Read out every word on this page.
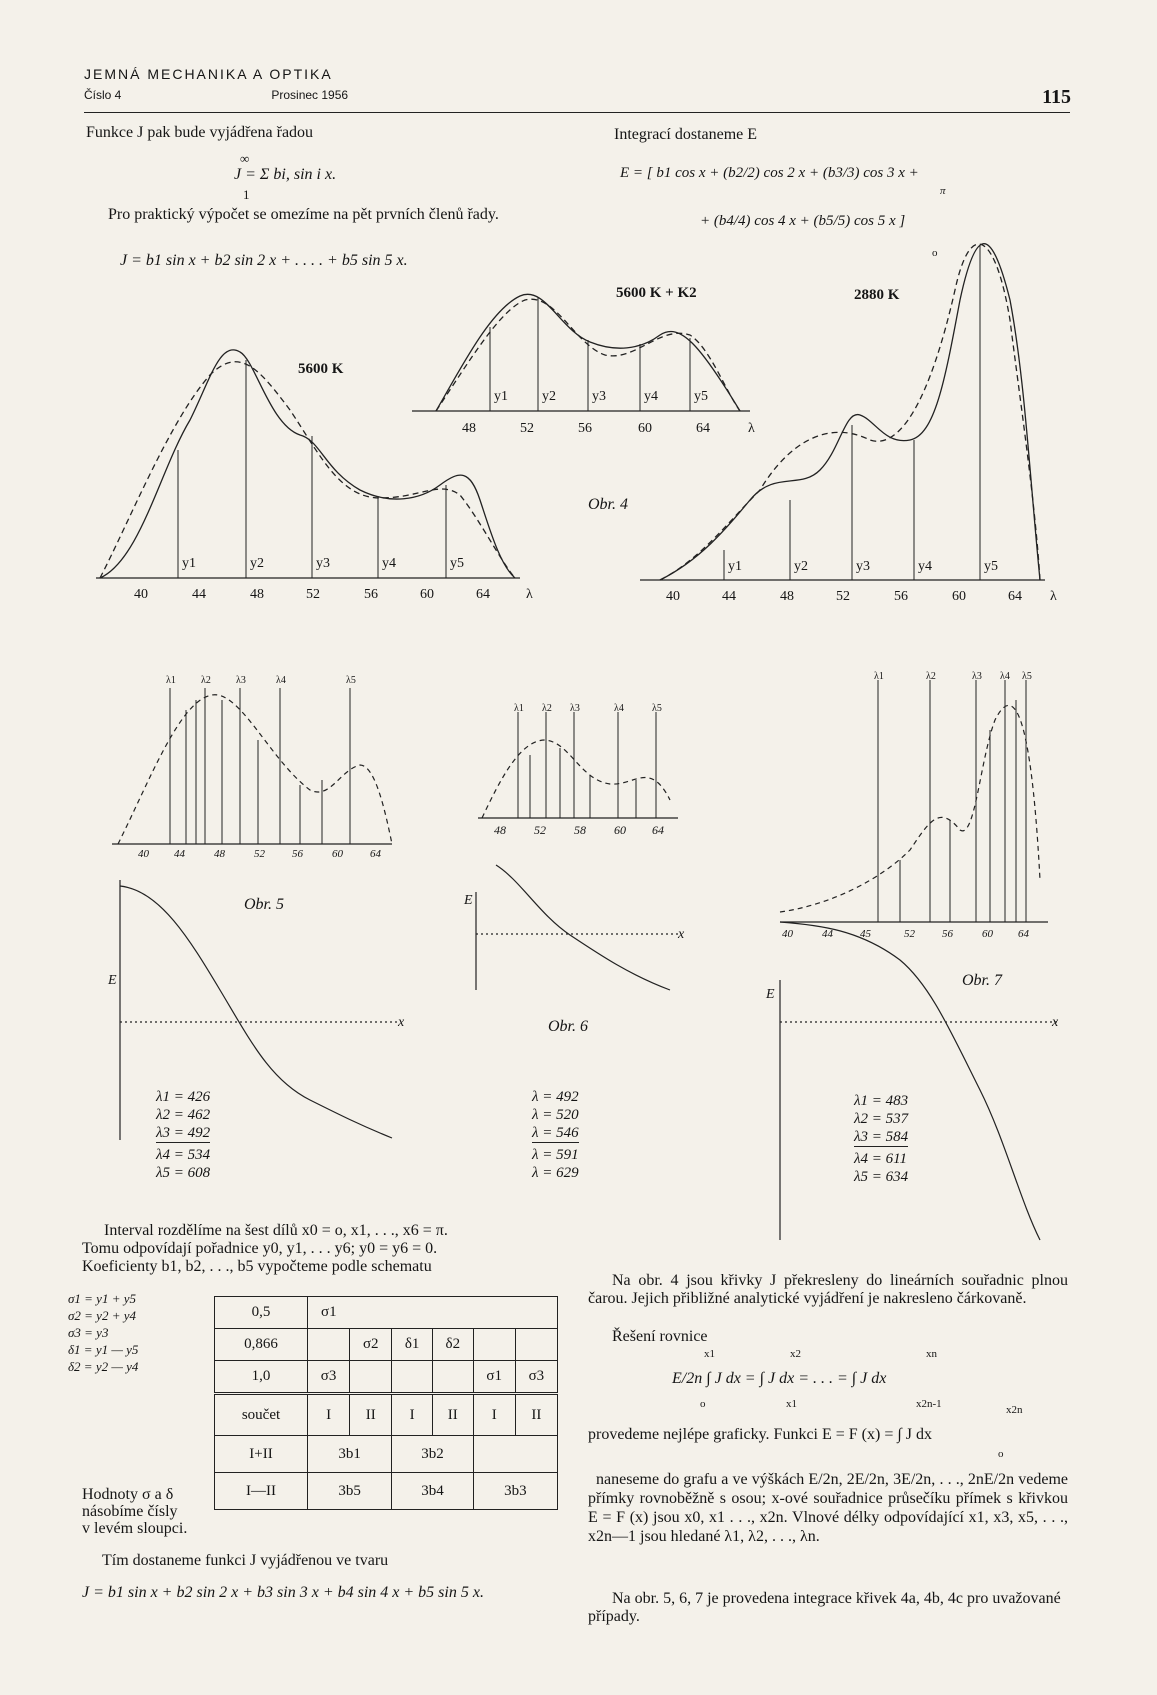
JEMNÁ MECHANIKA A OPTIKA
Číslo 4	Prosinec 1956	115
Funkce J pak bude vyjádřena řadou
∞
J = Σ bi, sin i x.
1
Pro praktický výpočet se omezíme na pět prvních členů řady.
J = b1 sin x + b2 sin 2 x + . . . . + b5 sin 5 x.
Integrací dostaneme E
E = [ b1 cos x + (b2/2) cos 2 x + (b3/3) cos 3 x +
+ (b4/4) cos 4 x + (b5/5) cos 5 x ]
π
o
5600 K
5600 K + K2	2880 K
Obr. 4
y1	y2	y3	y4	y5
40	44	48	52	56	60	64	λ
y1 y2	y3	y4	y5
48	52	56	60	64	λ
y1	y2	y3	y4	y5
40	44	48	52	56	60	64 λ
λ1	λ2	λ3	λ4	λ5
40 44	48	52 56	60 64
Obr. 5
E
x
λ1 = 426
λ2 = 462
λ3 = 492
λ4 = 534
λ5 = 608
λ1 λ2 λ3	λ4	λ5
48 52 58 60 64
E
x
Obr. 6
λ = 492
λ = 520
λ = 546
λ = 591
λ = 629
λ1	λ2	λ3 λ4 λ5
40	44 45	52 56	60 64
Obr. 7
E
x
λ1 = 483
λ2 = 537
λ3 = 584
λ4 = 611
λ5 = 634
Interval rozdělíme na šest dílů x0 = o, x1, . . ., x6 = π.
Tomu odpovídají pořadnice y0, y1, . . . y6; y0 = y6 = 0.
Koeficienty b1, b2, . . ., b5 vypočteme podle schematu
σ1 = y1 + y5
σ2 = y2 + y4
σ3 = y3
δ1 = y1 — y5
δ2 = y2 — y4
0,5	σ1					
0,866		σ2	δ1	δ2		
1,0	σ3				σ1	σ3
součet	I	II	I	II	I	II
I+II	3b1		3b2			
I—II	3b5		3b4		3b3	
Hodnoty σ a δ
násobíme čísly
v levém sloupci.
Tím dostaneme funkci J vyjádřenou ve tvaru
J = b1 sin x + b2 sin 2 x + b3 sin 3 x + b4 sin 4 x + b5 sin 5 x.
Na obr. 4 jsou křivky J překresleny do lineárních souřadnic plnou čarou. Jejich přibližné analytické vyjádření je nakresleno čárkovaně.
Řešení rovnice
E/2n ∫ J dx = ∫ J dx = . . . = ∫ J dx
x1
o
x2
x1
xn
x2n-1
provedeme nejlépe graficky. Funkci E = F (x) = ∫ J dx
x2n
o
naneseme do grafu a ve výškách E/2n, 2E/2n, 3E/2n, . . ., 2nE/2n vedeme přímky rovnoběžně s osou; x-ové souřadnice průsečíku přímek s křivkou E = F (x) jsou x0, x1 . . ., x2n. Vlnové délky odpovídající x1, x3, x5, . . ., x2n—1 jsou hledané λ1, λ2, . . ., λn.
Na obr. 5, 6, 7 je provedena integrace křivek 4a, 4b, 4c pro uvažované případy.
